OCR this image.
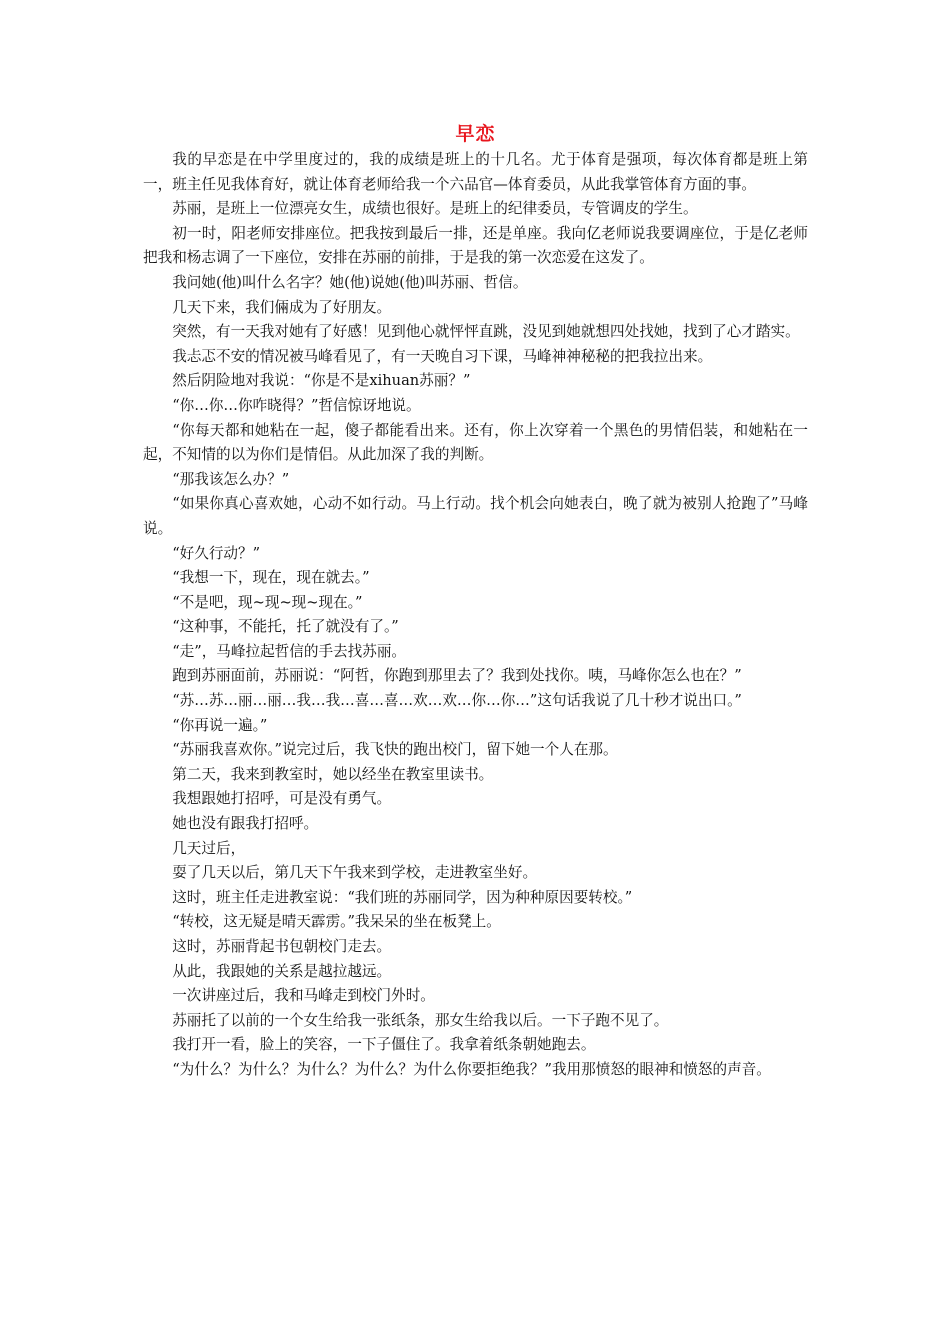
早恋

我的早恋是在中学里度过的，我的成绩是班上的十几名。尤于体育是强项，每次体育都是班上第一，班主任见我体育好，就让体育老师给我一个六品官—体育委员，从此我掌管体育方面的事。

苏丽，是班上一位漂亮女生，成绩也很好。是班上的纪律委员，专管调皮的学生。

初一时，阳老师安排座位。把我按到最后一排，还是单座。我向亿老师说我要调座位，于是亿老师把我和杨志调了一下座位，安排在苏丽的前排，于是我的第一次恋爱在这发了。

我问她(他)叫什么名字？她(他)说她(他)叫苏丽、哲信。

几天下来，我们倆成为了好朋友。

突然，有一天我对她有了好感！见到他心就怦怦直跳，没见到她就想四处找她，找到了心才踏实。

我忐忑不安的情况被马峰看见了，有一天晚自习下课，马峰神神秘秘的把我拉出来。

然后阴险地对我说：“你是不是xihuan苏丽？”

“你…你…你咋晓得？”哲信惊讶地说。

“你每天都和她粘在一起，傻子都能看出来。还有，你上次穿着一个黑色的男情侣装，和她粘在一起，不知情的以为你们是情侣。从此加深了我的判断。

“那我该怎么办？”

“如果你真心喜欢她，心动不如行动。马上行动。找个机会向她表白，晚了就为被别人抢跑了”马峰说。

“好久行动？”

“我想一下，现在，现在就去。”

“不是吧，现~现~现~现在。”

“这种事，不能托，托了就没有了。”

“走”，马峰拉起哲信的手去找苏丽。

跑到苏丽面前，苏丽说：“阿哲，你跑到那里去了？我到处找你。咦，马峰你怎么也在？”

“苏…苏…丽…丽…我…我…喜…喜…欢…欢…你…你…”这句话我说了几十秒才说出口。”

“你再说一遍。”

“苏丽我喜欢你。”说完过后，我飞快的跑出校门，留下她一个人在那。

第二天，我来到教室时，她以经坐在教室里读书。

我想跟她打招呼，可是没有勇气。

她也没有跟我打招呼。

几天过后，

耍了几天以后，第几天下午我来到学校，走进教室坐好。

这时，班主任走进教室说：“我们班的苏丽同学，因为种种原因要转校。”

“转校，这无疑是晴天霹雳。”我呆呆的坐在板凳上。

这时，苏丽背起书包朝校门走去。

从此，我跟她的关系是越拉越远。

一次讲座过后，我和马峰走到校门外时。

苏丽托了以前的一个女生给我一张纸条，那女生给我以后。一下子跑不见了。

我打开一看，脸上的笑容，一下子僵住了。我拿着纸条朝她跑去。

“为什么？为什么？为什么？为什么？为什么你要拒绝我？”我用那愤怒的眼神和愤怒的声音。
